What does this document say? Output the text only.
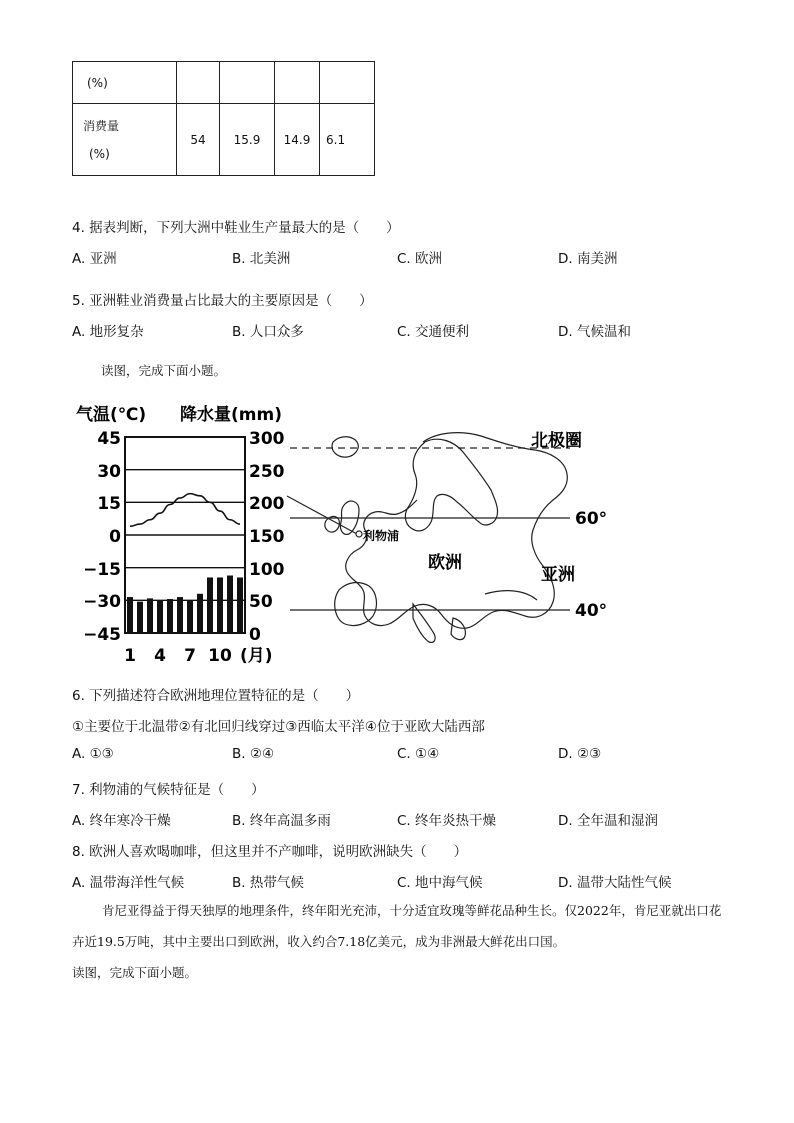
(%)				

消费量
(%)	54	15.9	14.9	6.1
4. 据表判断，下列大洲中鞋业生产量最大的是（　　）
A. 亚洲	B. 北美洲	C. 欧洲	D. 南美洲
5. 亚洲鞋业消费量占比最大的主要原因是（　　）
A. 地形复杂	B. 人口众多	C. 交通便利	D. 气候温和
读图，完成下面小题。
气温(℃) 降水量(mm)
45
30
15
0
−15
−30
−45
300
250
200
150
100
50
0
1 4 7 10 (月)
北极圈
60°
40°
利物浦
欧洲
亚洲
6. 下列描述符合欧洲地理位置特征的是（　　）
①主要位于北温带②有北回归线穿过③西临太平洋④位于亚欧大陆西部
A. ①③	B. ②④	C. ①④	D. ②③
7. 利物浦的气候特征是（　　）
A. 终年寒冷干燥	B. 终年高温多雨	C. 终年炎热干燥	D. 全年温和湿润
8. 欧洲人喜欢喝咖啡，但这里并不产咖啡，说明欧洲缺失（　　）
A. 温带海洋性气候	B. 热带气候	C. 地中海气候	D. 温带大陆性气候
肯尼亚得益于得天独厚的地理条件，终年阳光充沛，十分适宜玫瑰等鲜花品种生长。仅2022年，肯尼亚就出口花卉近19.5万吨，其中主要出口到欧洲，收入约合7.18亿美元，成为非洲最大鲜花出口国。
读图，完成下面小题。
